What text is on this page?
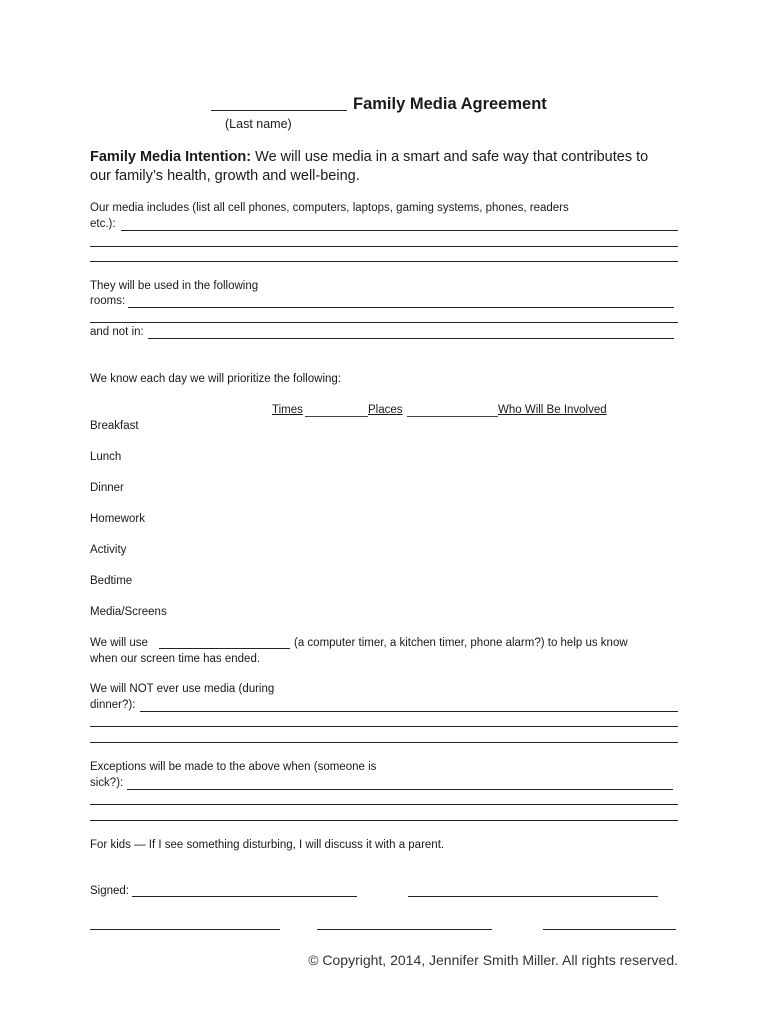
Family Media Agreement
(Last name)
Family Media Intention: We will use media in a smart and safe way that contributes to
our family’s health, growth and well-being.
Our media includes (list all cell phones, computers, laptops, gaming systems, phones, readers
etc.):
They will be used in the following
rooms:
and not in:
We know each day we will prioritize the following:
Times	Places	Who Will Be Involved
Breakfast
Lunch
Dinner
Homework
Activity
Bedtime
Media/Screens
We will use	(a computer timer, a kitchen timer, phone alarm?) to help us know
when our screen time has ended.
We will NOT ever use media (during
dinner?):
Exceptions will be made to the above when (someone is
sick?):
For kids — If I see something disturbing, I will discuss it with a parent.
Signed:
© Copyright, 2014, Jennifer Smith Miller. All rights reserved.
